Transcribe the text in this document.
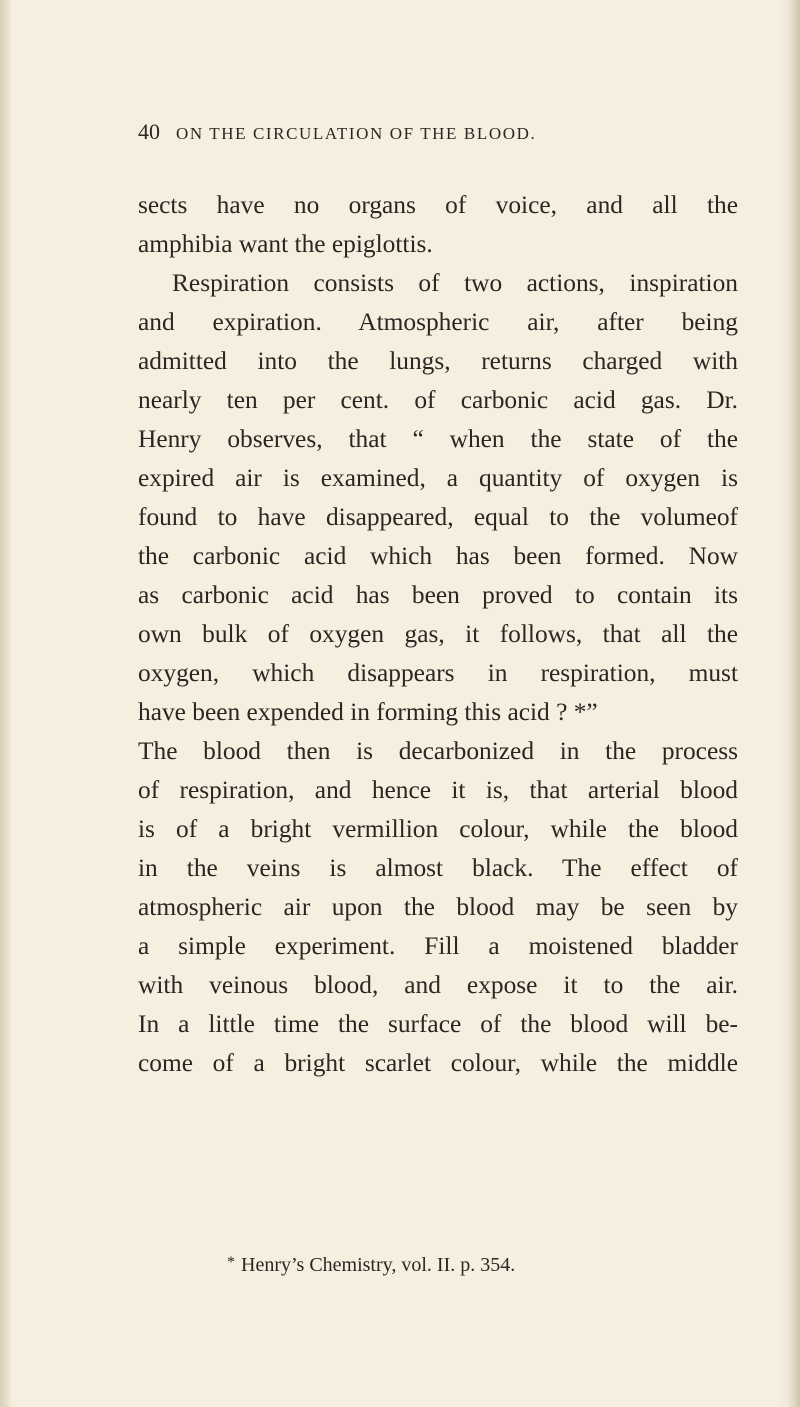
40 ON THE CIRCULATION OF THE BLOOD.
sects have no organs of voice, and all the
amphibia want the epiglottis.
Respiration consists of two actions, inspiration
and expiration. Atmospheric air, after being
admitted into the lungs, returns charged with
nearly ten per cent. of carbonic acid gas. Dr.
Henry observes, that “ when the state of the
expired air is examined, a quantity of oxygen is
found to have disappeared, equal to the volumeof
the carbonic acid which has been formed. Now
as carbonic acid has been proved to contain its
own bulk of oxygen gas, it follows, that all the
oxygen, which disappears in respiration, must
have been expended in forming this acid ? *”
The blood then is decarbonized in the process
of respiration, and hence it is, that arterial blood
is of a bright vermillion colour, while the blood
in the veins is almost black. The effect of
atmospheric air upon the blood may be seen by
a simple experiment. Fill a moistened bladder
with veinous blood, and expose it to the air.
In a little time the surface of the blood will be-
come of a bright scarlet colour, while the middle
* Henry’s Chemistry, vol. II. p. 354.
